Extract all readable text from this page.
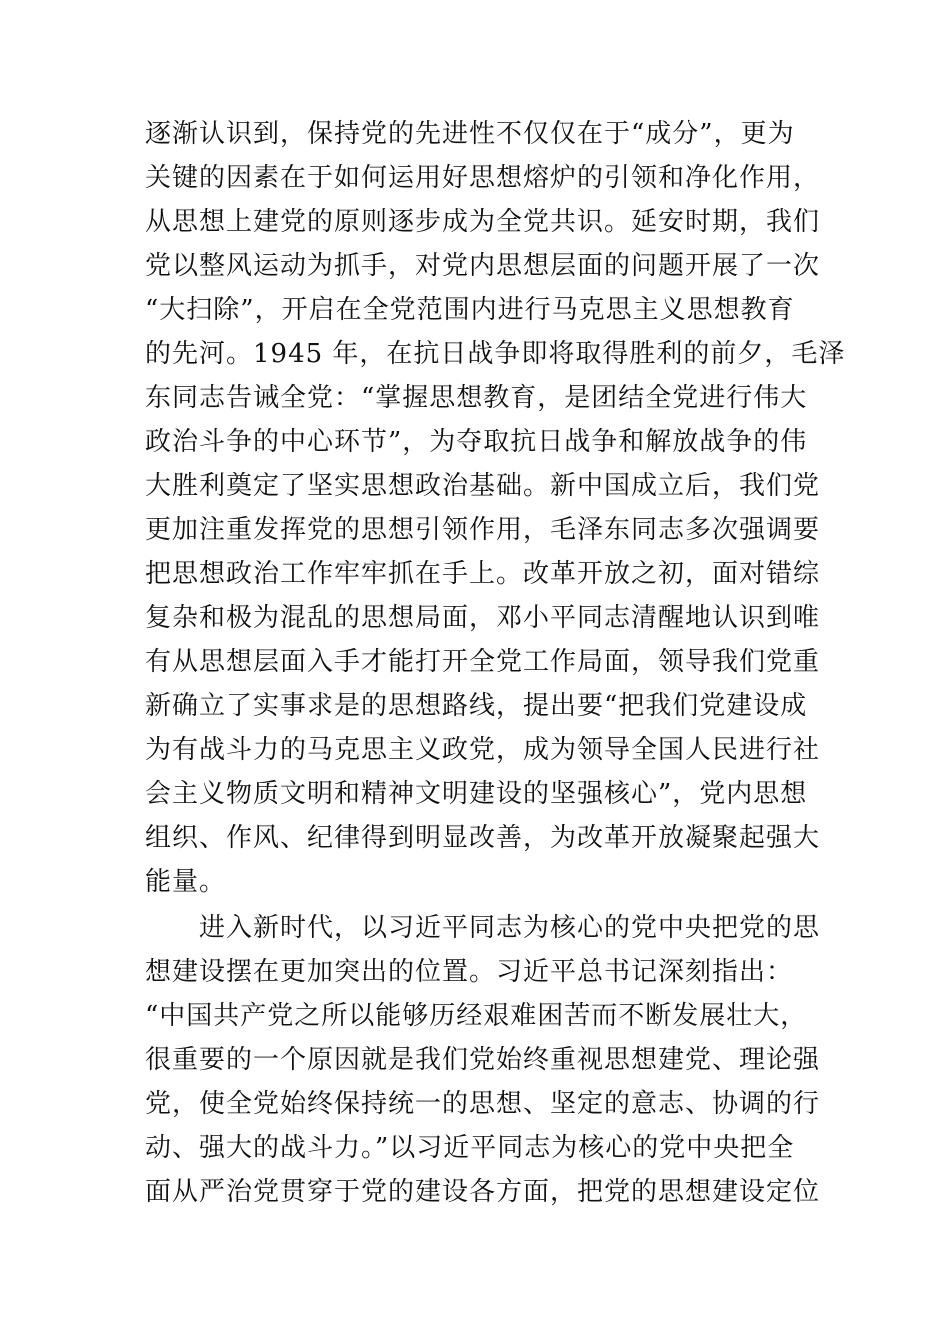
逐渐认识到，保持党的先进性不仅仅在于“成分”，更为
关键的因素在于如何运用好思想熔炉的引领和净化作用，
从思想上建党的原则逐步成为全党共识。延安时期，我们
党以整风运动为抓手，对党内思想层面的问题开展了一次
“大扫除”，开启在全党范围内进行马克思主义思想教育
的先河。1945 年，在抗日战争即将取得胜利的前夕，毛泽
东同志告诫全党：“掌握思想教育，是团结全党进行伟大
政治斗争的中心环节”，为夺取抗日战争和解放战争的伟
大胜利奠定了坚实思想政治基础。新中国成立后，我们党
更加注重发挥党的思想引领作用，毛泽东同志多次强调要
把思想政治工作牢牢抓在手上。改革开放之初，面对错综
复杂和极为混乱的思想局面，邓小平同志清醒地认识到唯
有从思想层面入手才能打开全党工作局面，领导我们党重
新确立了实事求是的思想路线，提出要“把我们党建设成
为有战斗力的马克思主义政党，成为领导全国人民进行社
会主义物质文明和精神文明建设的坚强核心”，党内思想
组织、作风、纪律得到明显改善，为改革开放凝聚起强大
能量。
　　进入新时代，以习近平同志为核心的党中央把党的思
想建设摆在更加突出的位置。习近平总书记深刻指出：
“中国共产党之所以能够历经艰难困苦而不断发展壮大，
很重要的一个原因就是我们党始终重视思想建党、理论强
党，使全党始终保持统一的思想、坚定的意志、协调的行
动、强大的战斗力。”以习近平同志为核心的党中央把全
面从严治党贯穿于党的建设各方面，把党的思想建设定位
